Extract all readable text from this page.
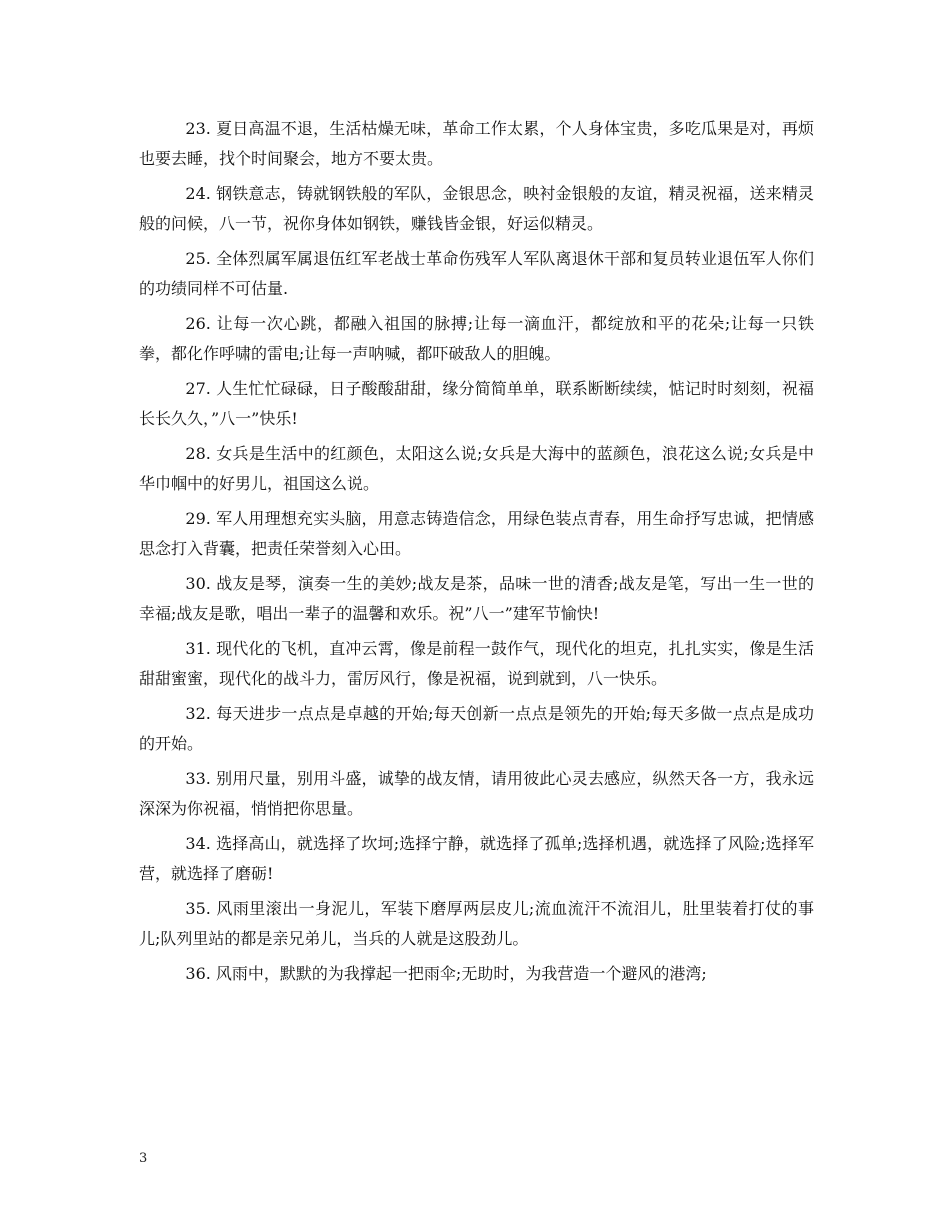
23. 夏日高温不退，生活枯燥无味，革命工作太累，个人身体宝贵，多吃瓜果是对，再烦也要去睡，找个时间聚会，地方不要太贵。

24. 钢铁意志，铸就钢铁般的军队，金银思念，映衬金银般的友谊，精灵祝福，送来精灵般的问候，八一节，祝你身体如钢铁，赚钱皆金银，好运似精灵。

25. 全体烈属军属退伍红军老战士革命伤残军人军队离退休干部和复员转业退伍军人你们的功绩同样不可估量.

26. 让每一次心跳，都融入祖国的脉搏;让每一滴血汗，都绽放和平的花朵;让每一只铁拳，都化作呼啸的雷电;让每一声呐喊，都吓破敌人的胆魄。

27. 人生忙忙碌碌，日子酸酸甜甜，缘分简简单单，联系断断续续，惦记时时刻刻，祝福长长久久，”八一”快乐!

28. 女兵是生活中的红颜色，太阳这么说;女兵是大海中的蓝颜色，浪花这么说;女兵是中华巾帼中的好男儿，祖国这么说。

29. 军人用理想充实头脑，用意志铸造信念，用绿色装点青春，用生命抒写忠诚，把情感思念打入背囊，把责任荣誉刻入心田。

30. 战友是琴，演奏一生的美妙;战友是茶，品味一世的清香;战友是笔，写出一生一世的幸福;战友是歌，唱出一辈子的温馨和欢乐。祝”八一”建军节愉快!

31. 现代化的飞机，直冲云霄，像是前程一鼓作气，现代化的坦克，扎扎实实，像是生活甜甜蜜蜜，现代化的战斗力，雷厉风行，像是祝福，说到就到，八一快乐。

32. 每天进步一点点是卓越的开始;每天创新一点点是领先的开始;每天多做一点点是成功的开始。

33. 别用尺量，别用斗盛，诚挚的战友情，请用彼此心灵去感应，纵然天各一方，我永远深深为你祝福，悄悄把你思量。

34. 选择高山，就选择了坎坷;选择宁静，就选择了孤单;选择机遇，就选择了风险;选择军营，就选择了磨砺!

35. 风雨里滚出一身泥儿，军装下磨厚两层皮儿;流血流汗不流泪儿，肚里装着打仗的事儿;队列里站的都是亲兄弟儿，当兵的人就是这股劲儿。

36. 风雨中，默默的为我撑起一把雨伞;无助时，为我营造一个避风的港湾;

3
